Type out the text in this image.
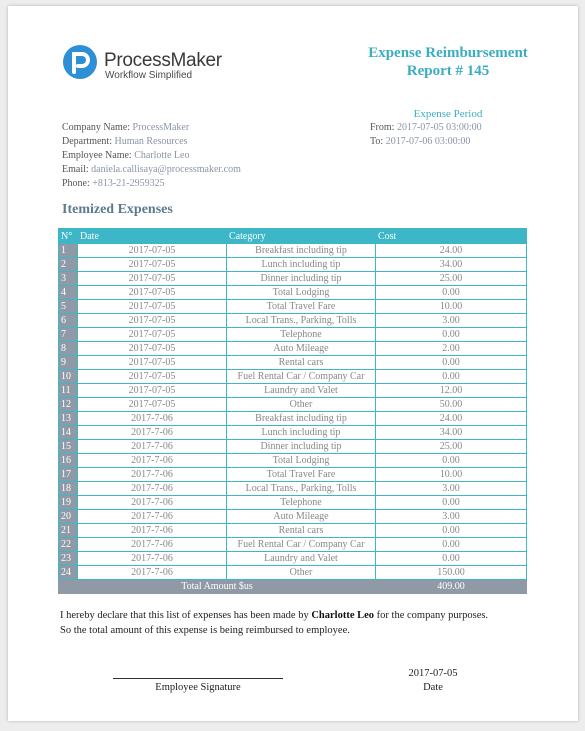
ProcessMaker
Workflow Simplified
Expense Reimbursement
Report # 145
Expense Period
From: 2017-07-05 03:00:00
To: 2017-07-06 03:00:00
Company Name: ProcessMaker
Department: Human Resources
Employee Name: Charlotte Leo
Email: daniela.callisaya@processmaker.com
Phone: +813-21-2959325
Itemized Expenses
N°	Date	Category	Cost
1	2017-07-05	Breakfast including tip	24.00
2	2017-07-05	Lunch including tip	34.00
3	2017-07-05	Dinner including tip	25.00
4	2017-07-05	Total Lodging	0.00
5	2017-07-05	Total Travel Fare	10.00
6	2017-07-05	Local Trans., Parking, Tolls	3.00
7	2017-07-05	Telephone	0.00
8	2017-07-05	Auto Mileage	2.00
9	2017-07-05	Rental cars	0.00
10	2017-07-05	Fuel Rental Car / Company Car	0.00
11	2017-07-05	Laundry and Valet	12.00
12	2017-07-05	Other	50.00
13	2017-7-06	Breakfast including tip	24.00
14	2017-7-06	Lunch including tip	34.00
15	2017-7-06	Dinner including tip	25.00
16	2017-7-06	Total Lodging	0.00
17	2017-7-06	Total Travel Fare	10.00
18	2017-7-06	Local Trans., Parking, Tolls	3.00
19	2017-7-06	Telephone	0.00
20	2017-7-06	Auto Mileage	3.00
21	2017-7-06	Rental cars	0.00
22	2017-7-06	Fuel Rental Car / Company Car	0.00
23	2017-7-06	Laundry and Valet	0.00
24	2017-7-06	Other	150.00
Total Amount $us			409.00
I hereby declare that this list of expenses has been made by Charlotte Leo for the company purposes.
So the total amount of this expense is being reimbursed to employee.
Employee Signature
2017-07-05
Date
